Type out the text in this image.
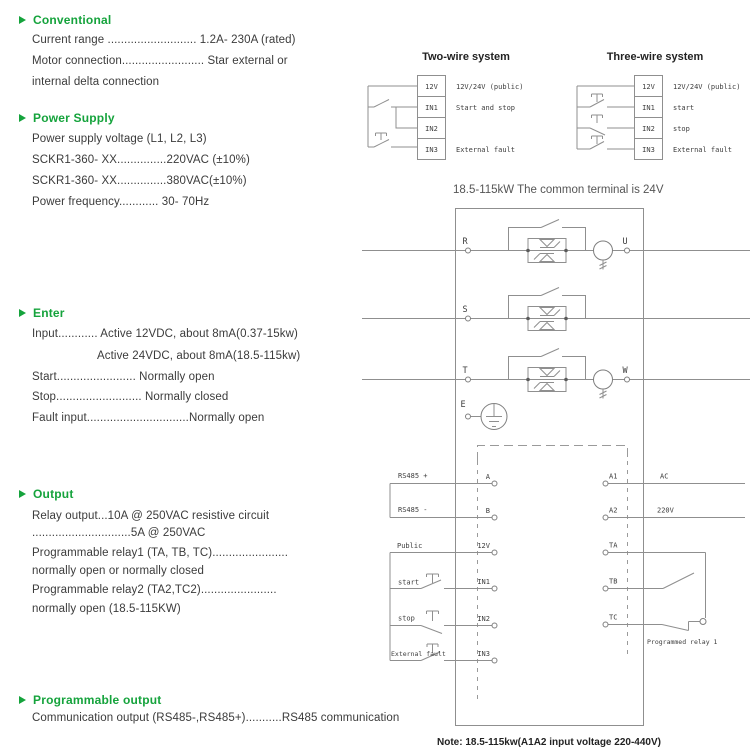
Conventional
Current range ........................... 1.2A- 230A (rated)
Motor connection......................... Star external or
internal delta connection
Power Supply
Power supply voltage (L1, L2, L3)
SCKR1-360- XX...............220VAC (±10%)
SCKR1-360- XX...............380VAC(±10%)
Power frequency............ 30- 70Hz
Enter
Input............ Active 12VDC, about 8mA(0.37-15kw)
Active 24VDC, about 8mA(18.5-115kw)
Start........................ Normally open
Stop.......................... Normally closed
Fault input...............................Normally open
Output
Relay output...10A @ 250VAC resistive circuit
..............................5A @ 250VAC
Programmable relay1 (TA, TB, TC).......................
normally open or normally closed
Programmable relay2 (TA2,TC2).......................
normally open (18.5-115KW)
Programmable output
Communication output (RS485-,RS485+)...........RS485 communication
Two-wire system
12V
IN1
IN2
IN3
12V/24V (public)
Start and stop
External fault
Three-wire system
12V
IN1
IN2
IN3
12V/24V (public)
start
stop
External fault
18.5-115kW The common terminal is 24V
R
S
T
U
W
E
A
B
12V
IN1
IN2
IN3
RS485 +
RS485 -
Public
start
stop
External fault
A1
A2
TA
TB
TC
AC
220V
Programmed relay 1
Note: 18.5-115kw(A1A2 input voltage 220-440V)
